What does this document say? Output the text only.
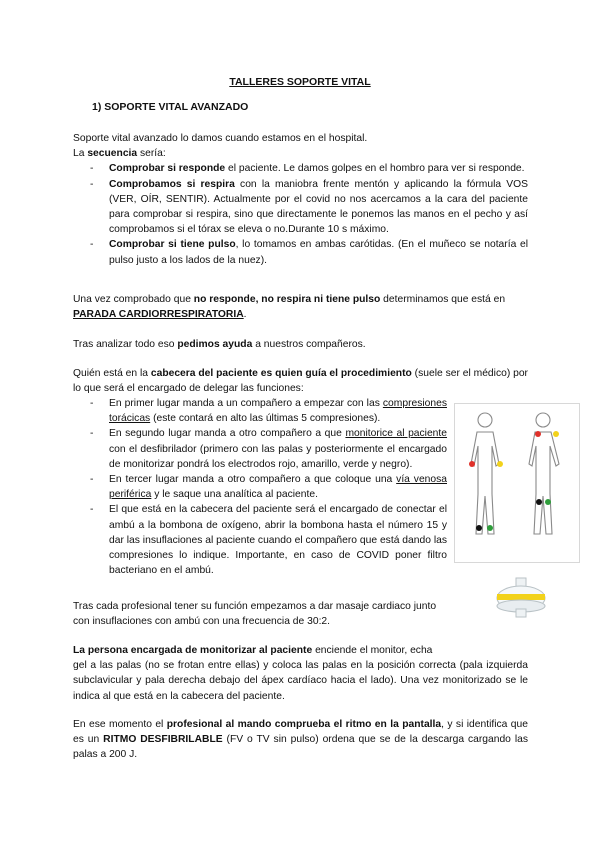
TALLERES SOPORTE VITAL
1) SOPORTE VITAL AVANZADO
Soporte vital avanzado lo damos cuando estamos en el hospital.
La secuencia sería:
- Comprobar si responde el paciente. Le damos golpes en el hombro para ver si responde.
- Comprobamos si respira con la maniobra frente mentón y aplicando la fórmula VOS (VER, OÍR, SENTIR). Actualmente por el covid no nos acercamos a la cara del paciente para comprobar si respira, sino que directamente le ponemos las manos en el pecho y así comprobamos si el tórax se eleva o no.Durante 10 s máximo.
- Comprobar si tiene pulso, lo tomamos en ambas carótidas. (En el muñeco se notaría el pulso justo a los lados de la nuez).
Una vez comprobado que no responde, no respira ni tiene pulso determinamos que está en PARADA CARDIORRESPIRATORIA.
Tras analizar todo eso pedimos ayuda a nuestros compañeros.
Quién está en la cabecera del paciente es quien guía el procedimiento (suele ser el médico) por lo que será el encargado de delegar las funciones:
- En primer lugar manda a un compañero a empezar con las compresiones torácicas (este contará en alto las últimas 5 compresiones).
- En segundo lugar manda a otro compañero a que monitorice al paciente con el desfibrilador (primero con las palas y posteriormente el encargado de monitorizar pondrá los electrodos rojo, amarillo, verde y negro).
- En tercer lugar manda a otro compañero a que coloque una vía venosa periférica y le saque una analítica al paciente.
- El que está en la cabecera del paciente será el encargado de conectar el ambú a la bombona de oxígeno, abrir la bombona hasta el número 15 y dar las insuflaciones al paciente cuando el compañero que está dando las compresiones lo indique. Importante, en caso de COVID poner filtro bacteriano en el ambú.
Tras cada profesional tener su función empezamos a dar masaje cardiaco junto
con insuflaciones con ambú con una frecuencia de 30:2.
La persona encargada de monitorizar al paciente enciende el monitor, echa
gel a las palas (no se frotan entre ellas) y coloca las palas en la posición correcta (pala izquierda subclavicular y pala derecha debajo del ápex cardíaco hacia el lado). Una vez monitorizado se le indica al que está en la cabecera del paciente.
En ese momento el profesional al mando comprueba el ritmo en la pantalla, y si identifica que es un RITMO DESFIBRILABLE (FV o TV sin pulso) ordena que se de la descarga cargando las palas a 200 J.
